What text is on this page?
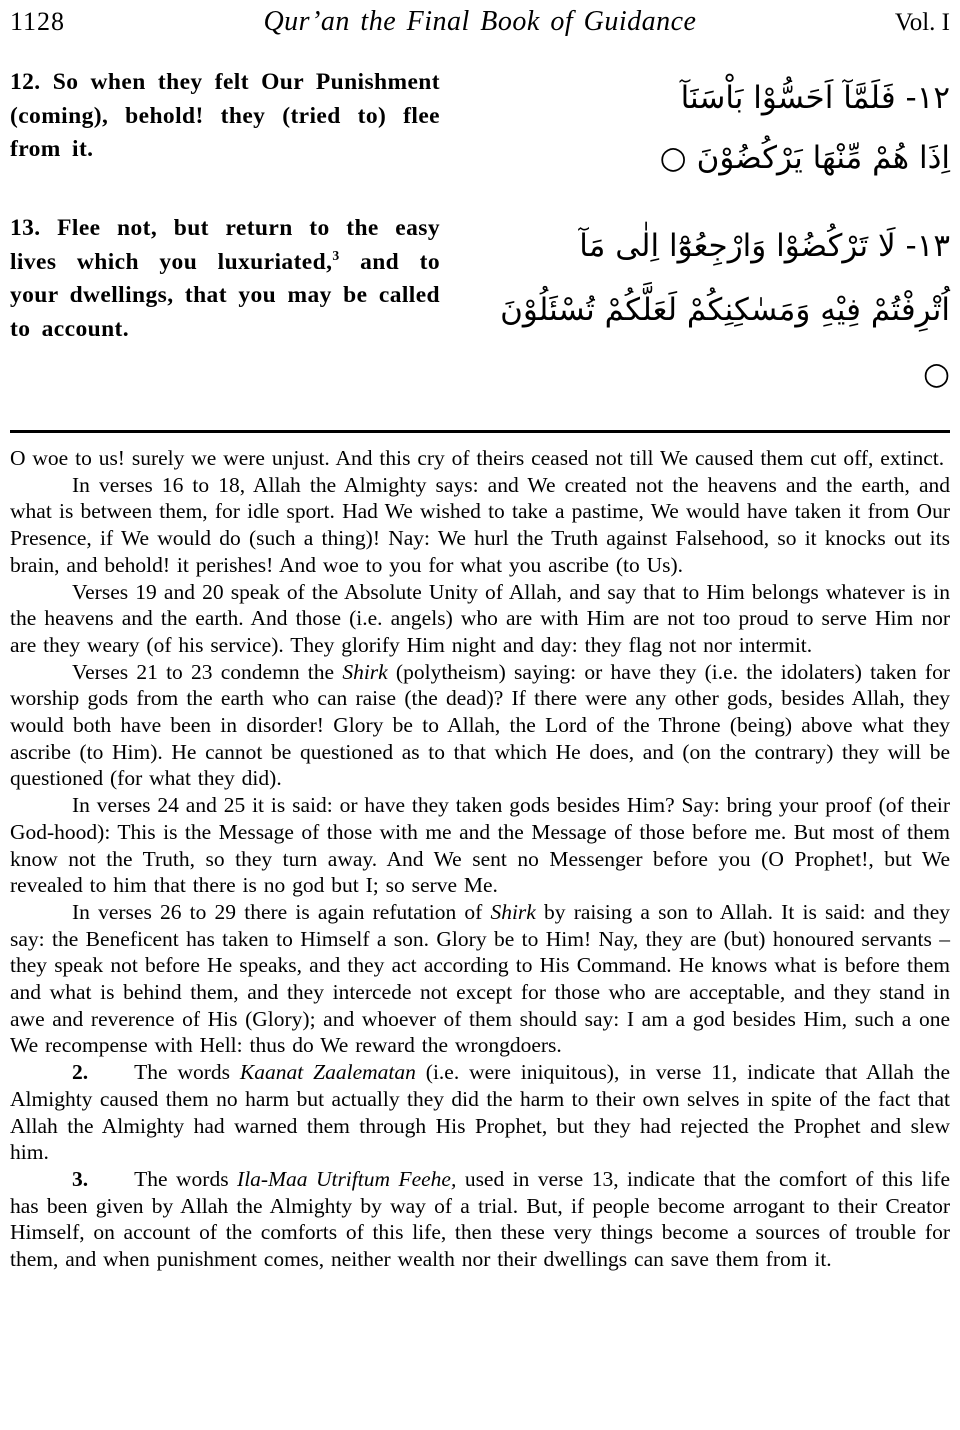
1128	Qur’an the Final Book of Guidance	Vol. I
12. So when they felt Our Punishment (coming), behold! they (tried to) flee from it.
١٢- فَلَمَّآ اَحَسُّوْا بَاْسَنَآ
اِذَا هُمْ مِّنْهَا يَرْكُضُوْنَ ○
13. Flee not, but return to the easy lives which you luxuriated,$^3$ and to your dwellings, that you may be called to account.
١٣- لَا تَرْكُضُوْا وَارْجِعُوْٓا اِلٰى مَآ
اُتْرِفْتُمْ فِيْهِ وَمَسٰكِنِكُمْ لَعَلَّكُمْ تُسْئَلُوْنَ ○

O woe to us! surely we were unjust. And this cry of theirs ceased not till We caused them cut off, extinct.

In verses 16 to 18, Allah the Almighty says: and We created not the heavens and the earth, and what is between them, for idle sport. Had We wished to take a pastime, We would have taken it from Our Presence, if We would do (such a thing)! Nay: We hurl the Truth against Falsehood, so it knocks out its brain, and behold! it perishes! And woe to you for what you ascribe (to Us).

Verses 19 and 20 speak of the Absolute Unity of Allah, and say that to Him belongs whatever is in the heavens and the earth. And those (i.e. angels) who are with Him are not too proud to serve Him nor are they weary (of his service). They glorify Him night and day: they flag not nor intermit.

Verses 21 to 23 condemn the Shirk (polytheism) saying: or have they (i.e. the idolaters) taken for worship gods from the earth who can raise (the dead)? If there were any other gods, besides Allah, they would both have been in disorder! Glory be to Allah, the Lord of the Throne (being) above what they ascribe (to Him). He cannot be questioned as to that which He does, and (on the contrary) they will be questioned (for what they did).

In verses 24 and 25 it is said: or have they taken gods besides Him? Say: bring your proof (of their God-hood): This is the Message of those with me and the Message of those before me. But most of them know not the Truth, so they turn away. And We sent no Messenger before you (O Prophet!, but We revealed to him that there is no god but I; so serve Me.

In verses 26 to 29 there is again refutation of Shirk by raising a son to Allah. It is said: and they say: the Beneficent has taken to Himself a son. Glory be to Him! Nay, they are (but) honoured servants – they speak not before He speaks, and they act according to His Command. He knows what is before them and what is behind them, and they intercede not except for those who are acceptable, and they stand in awe and reverence of His (Glory); and whoever of them should say: I am a god besides Him, such a one We recompense with Hell: thus do We reward the wrongdoers.

2. The words Kaanat Zaalematan (i.e. were iniquitous), in verse 11, indicate that Allah the Almighty caused them no harm but actually they did the harm to their own selves in spite of the fact that Allah the Almighty had warned them through His Prophet, but they had rejected the Prophet and slew him.

3. The words Ila-Maa Utriftum Feehe, used in verse 13, indicate that the comfort of this life has been given by Allah the Almighty by way of a trial. But, if people become arrogant to their Creator Himself, on account of the comforts of this life, then these very things become a sources of trouble for them, and when punishment comes, neither wealth nor their dwellings can save them from it.
